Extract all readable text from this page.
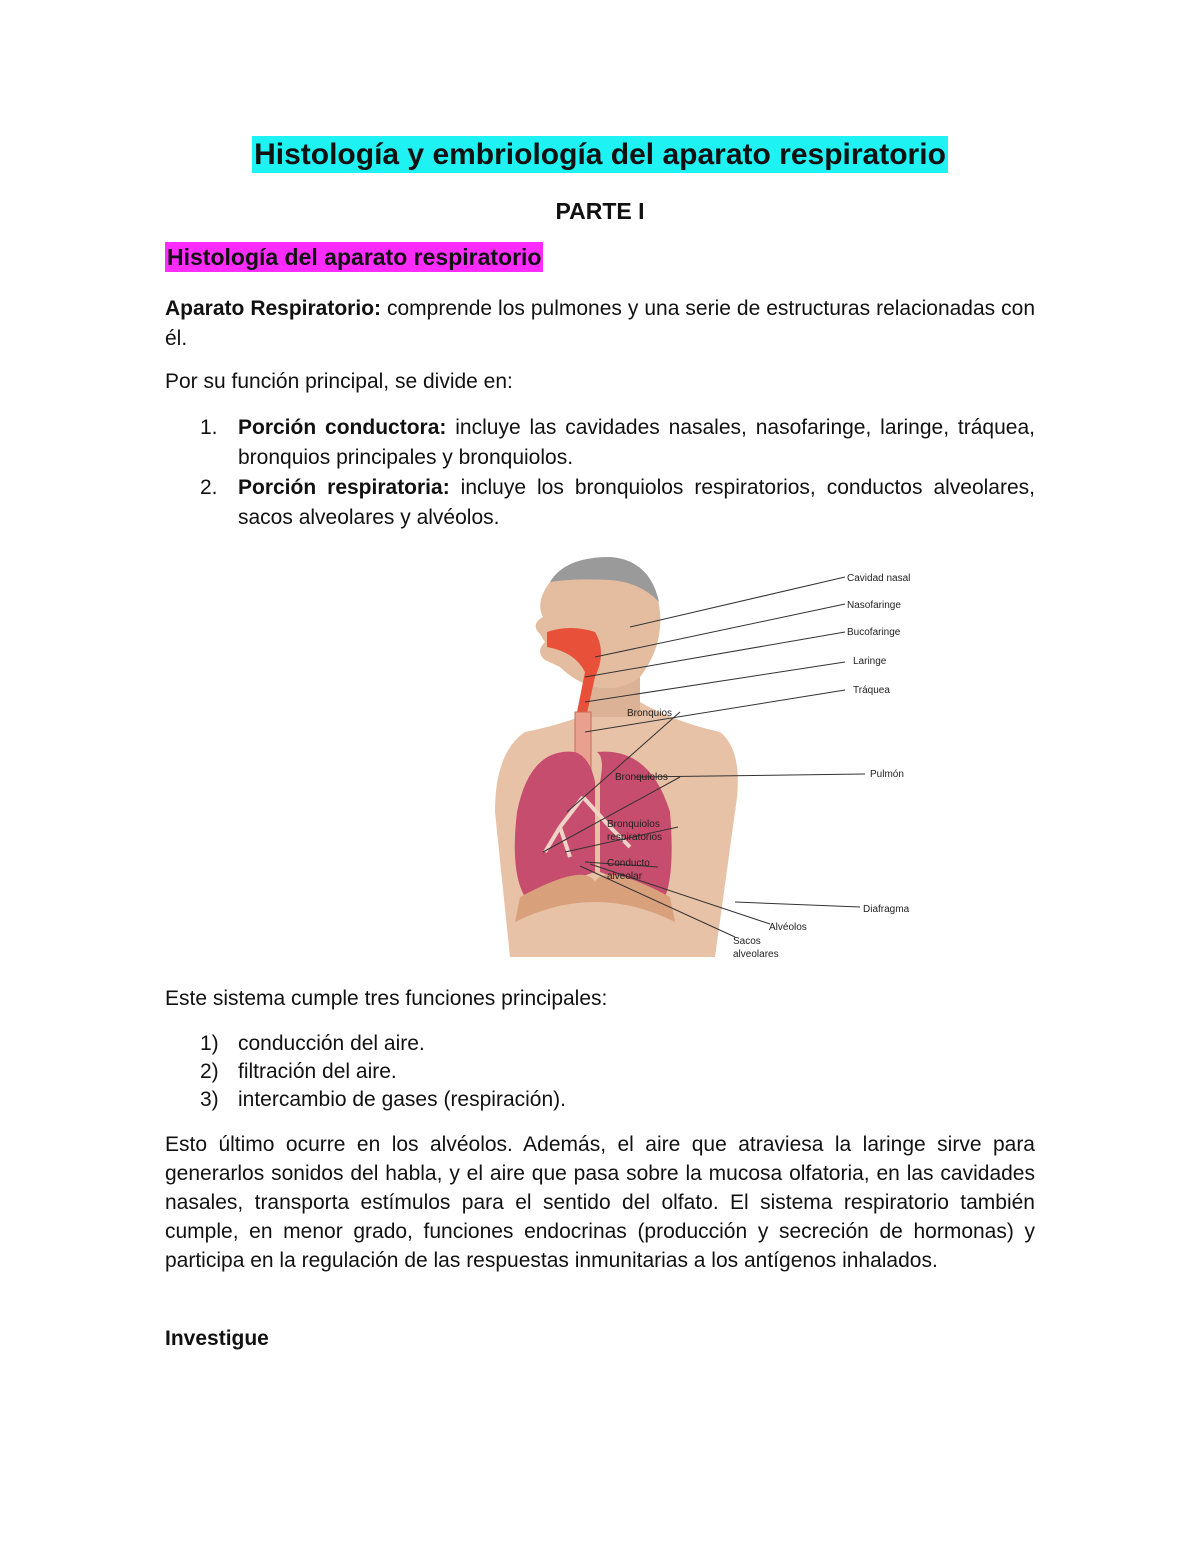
Histología y embriología del aparato respiratorio
PARTE I
Histología del aparato respiratorio
Aparato Respiratorio: comprende los pulmones y una serie de estructuras relacionadas con él.
Por su función principal, se divide en:
1. Porción conductora: incluye las cavidades nasales, nasofaringe, laringe, tráquea, bronquios principales y bronquiolos.
2. Porción respiratoria: incluye los bronquiolos respiratorios, conductos alveolares, sacos alveolares y alvéolos.
Cavidad nasal
Nasofaringe
Bucofaringe
Laringe
Tráquea
Bronquios
Bronquiolos	Pulmón
Bronquiolos
respiratorios
Conducto
alveolar
Diafragma
Alvéolos
Sacos
alveolares
Este sistema cumple tres funciones principales:
1) conducción del aire.
2) filtración del aire.
3) intercambio de gases (respiración).
Esto último ocurre en los alvéolos. Además, el aire que atraviesa la laringe sirve para generarlos sonidos del habla, y el aire que pasa sobre la mucosa olfatoria, en las cavidades nasales, transporta estímulos para el sentido del olfato. El sistema respiratorio también cumple, en menor grado, funciones endocrinas (producción y secreción de hormonas) y participa en la regulación de las respuestas inmunitarias a los antígenos inhalados.
Investigue
